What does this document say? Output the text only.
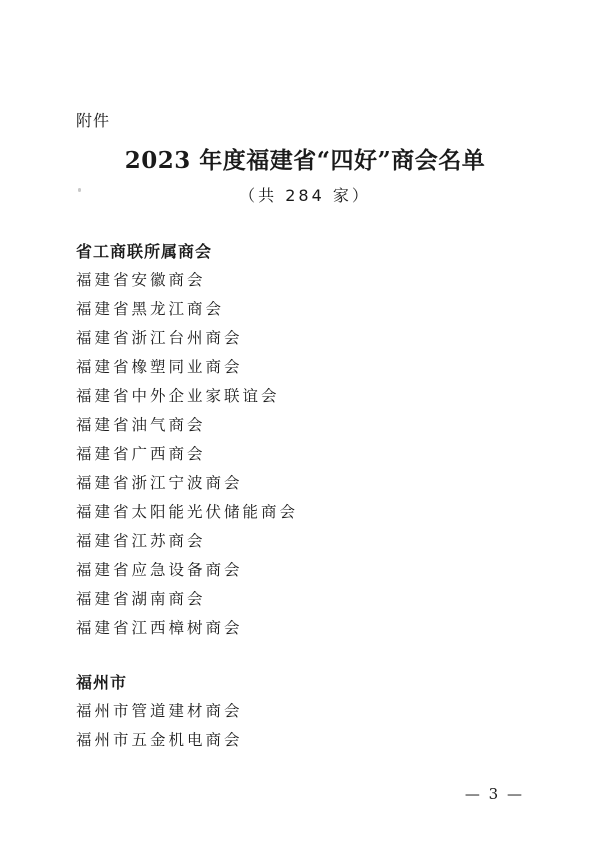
附件
2023 年度福建省“四好”商会名单
（共 284 家）
省工商联所属商会
福建省安徽商会
福建省黑龙江商会
福建省浙江台州商会
福建省橡塑同业商会
福建省中外企业家联谊会
福建省油气商会
福建省广西商会
福建省浙江宁波商会
福建省太阳能光伏储能商会
福建省江苏商会
福建省应急设备商会
福建省湖南商会
福建省江西樟树商会
福州市
福州市管道建材商会
福州市五金机电商会
— 3 —
